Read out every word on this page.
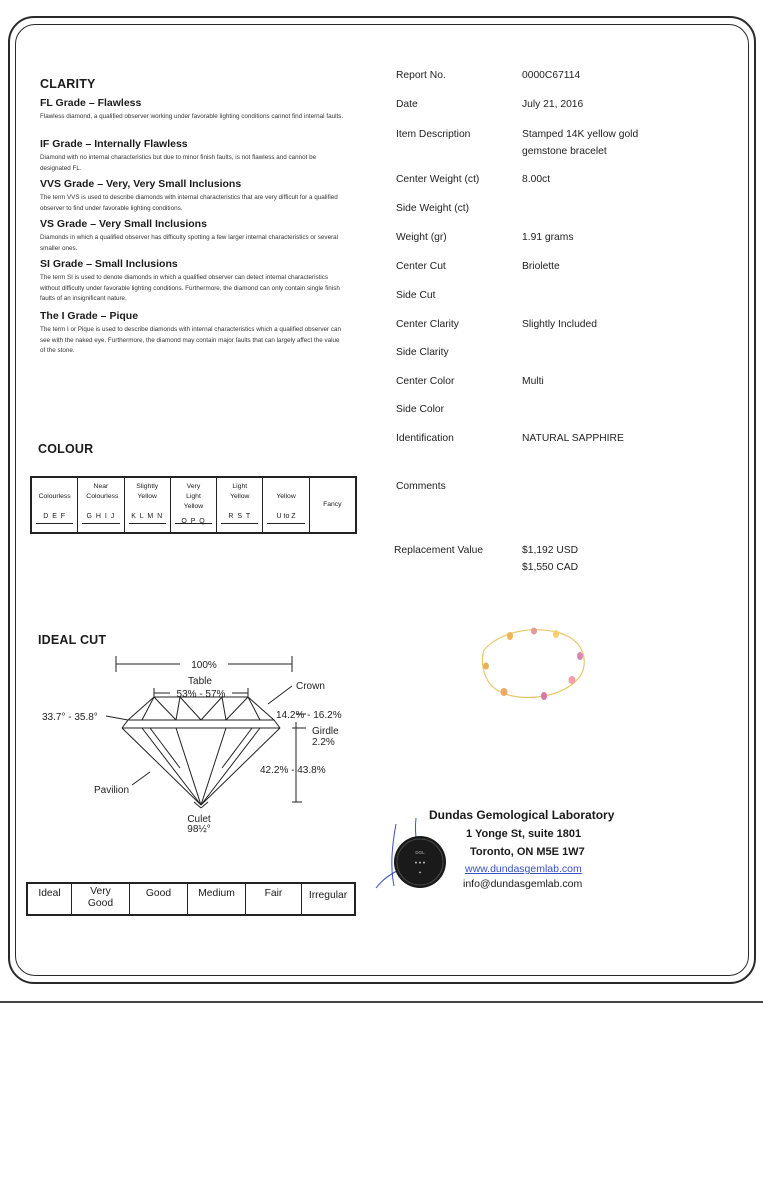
CLARITY
FL Grade – Flawless
Flawless diamond, a qualified observer working under favorable lighting conditions cannot find internal faults.
IF Grade – Internally Flawless
Diamond with no internal characteristics but due to minor finish faults, is not flawless and cannot be designated FL.
VVS Grade – Very, Very Small Inclusions
The term VVS is used to describe diamonds with internal characteristics that are very difficult for a qualified observer to find under favorable lighting conditions.
VS Grade – Very Small Inclusions
Diamonds in which a qualified observer has difficulty spotting a few larger internal characteristics or several smaller ones.
SI Grade – Small Inclusions
The term SI is used to denote diamonds in which a qualified observer can detect internal characteristics without difficulty under favorable lighting conditions. Furthermore, the diamond can only contain single finish faults of an insignificant nature.
The I Grade – Pique
The term I or Pique is used to describe diamonds with internal characteristics which a qualified observer can see with the naked eye. Furthermore, the diamond may contain major faults that can largely affect the value of the stone.
COLOUR
Colourless
D E F
Near Colourless
G H I J
Slightly Yellow
K L M N
Very Light Yellow
O P Q
Light Yellow
R S T
Yellow
U to Z
Fancy
IDEAL CUT
100%
Table
53% - 57%
Crown
33.7° - 35.8°	14.2% - 16.2%
Girdle
2.2%
42.2% - 43.8%
Pavilion
Culet
98½°
Ideal	Very Good
Good	Medium	Fair	Irregular
Report No.	0000C67114
Date	July 21, 2016
Item Description	Stamped 14K yellow gold gemstone bracelet
Center Weight (ct)	8.00ct
Side Weight (ct)
Weight (gr)	1.91 grams
Center Cut	Briolette
Side Cut
Center Clarity	Slightly Included
Side Clarity
Center Color	Multi
Side Color
Identification	NATURAL SAPPHIRE
Comments
Replacement Value	$1,192 USD
$1,550 CAD
DGL
● ● ●
✦
Dundas Gemological Laboratory
1 Yonge St, suite 1801
Toronto, ON M5E 1W7
www.dundasgemlab.com
info@dundasgemlab.com
